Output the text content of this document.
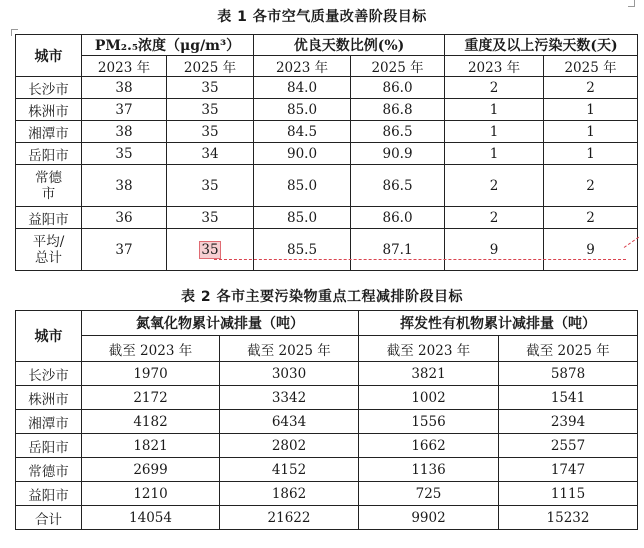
表 1 各市空气质量改善阶段目标
城市	PM₂.₅浓度（μg/m³）		优良天数比例(%)		重度及以上污染天数(天)	
	2023 年	2025 年	2023 年	2025 年	2023 年	2025 年
长沙市	38	35	84.0	86.0	2	2
株洲市	37	35	85.0	86.8	1	1
湘潭市	38	35	84.5	86.5	1	1
岳阳市	35	34	90.0	90.9	1	1
常德市	38	35	85.0	86.5	2	2
益阳市	36	35	85.0	86.0	2	2
平均/总计	37	35	85.5	87.1	9	9
表 2 各市主要污染物重点工程减排阶段目标
城市	氮氧化物累计减排量（吨）		挥发性有机物累计减排量（吨）	
	截至 2023 年	截至 2025 年	截至 2023 年	截至 2025 年
长沙市	1970	3030	3821	5878
株洲市	2172	3342	1002	1541
湘潭市	4182	6434	1556	2394
岳阳市	1821	2802	1662	2557
常德市	2699	4152	1136	1747
益阳市	1210	1862	725	1115
合计	14054	21622	9902	15232
